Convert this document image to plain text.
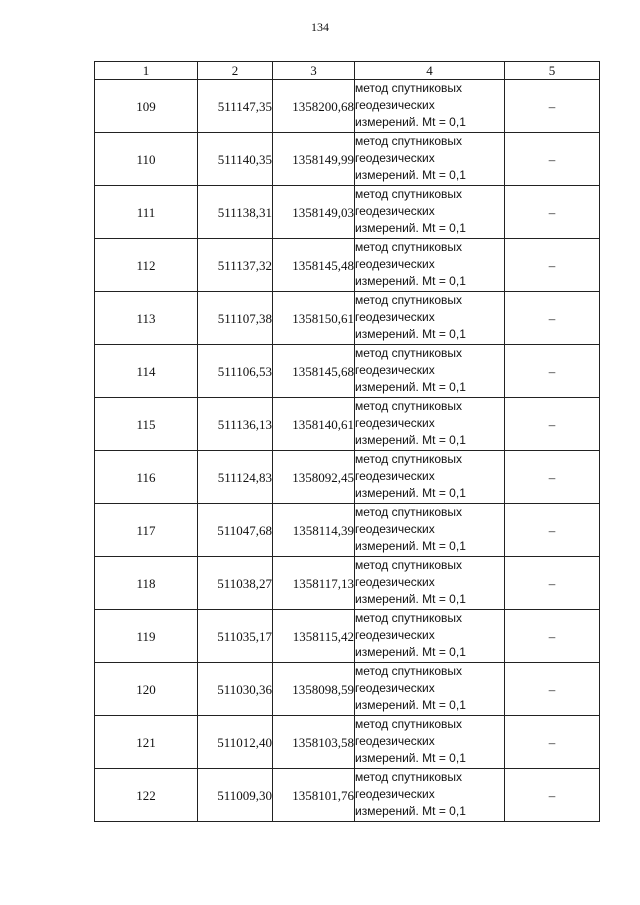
134
1	2	3	4	5
109	511147,35	1358200,68	метод спутниковых
геодезических
измерений. Mt = 0,1	–
110	511140,35	1358149,99	метод спутниковых
геодезических
измерений. Mt = 0,1	–
111	511138,31	1358149,03	метод спутниковых
геодезических
измерений. Mt = 0,1	–
112	511137,32	1358145,48	метод спутниковых
геодезических
измерений. Mt = 0,1	–
113	511107,38	1358150,61	метод спутниковых
геодезических
измерений. Mt = 0,1	–
114	511106,53	1358145,68	метод спутниковых
геодезических
измерений. Mt = 0,1	–
115	511136,13	1358140,61	метод спутниковых
геодезических
измерений. Mt = 0,1	–
116	511124,83	1358092,45	метод спутниковых
геодезических
измерений. Mt = 0,1	–
117	511047,68	1358114,39	метод спутниковых
геодезических
измерений. Mt = 0,1	–
118	511038,27	1358117,13	метод спутниковых
геодезических
измерений. Mt = 0,1	–
119	511035,17	1358115,42	метод спутниковых
геодезических
измерений. Mt = 0,1	–
120	511030,36	1358098,59	метод спутниковых
геодезических
измерений. Mt = 0,1	–
121	511012,40	1358103,58	метод спутниковых
геодезических
измерений. Mt = 0,1	–
122	511009,30	1358101,76	метод спутниковых
геодезических
измерений. Mt = 0,1	–
